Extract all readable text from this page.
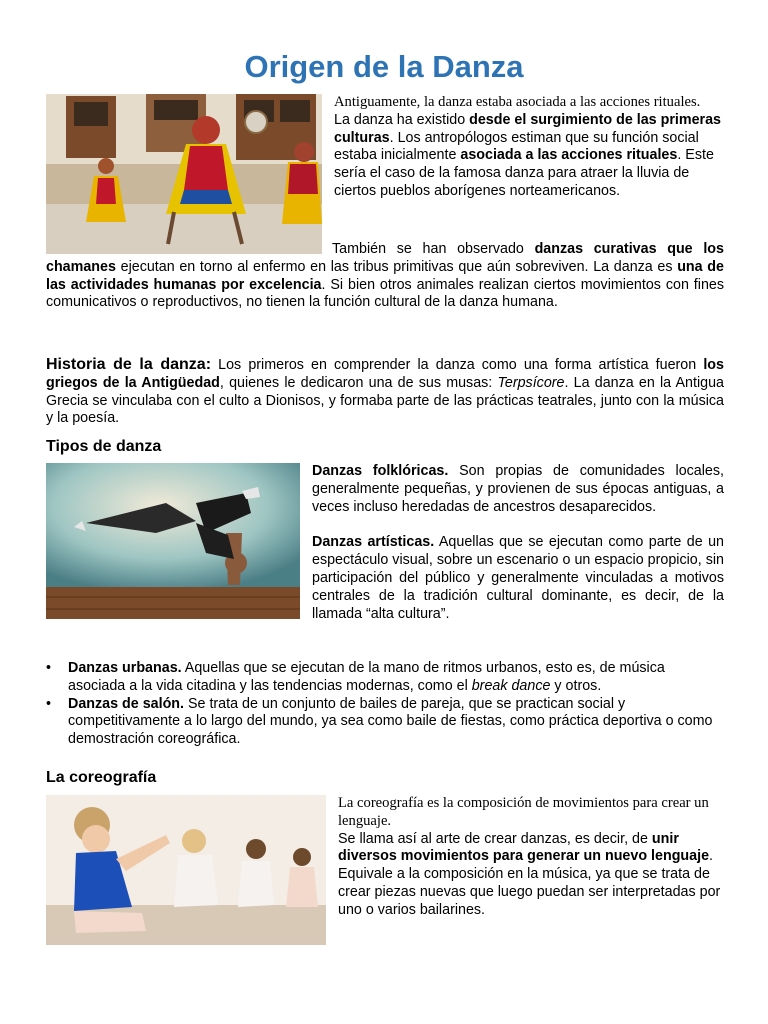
Origen de la Danza

Antiguamente, la danza estaba asociada a las acciones rituales.

La danza ha existido desde el surgimiento de las primeras culturas. Los antropólogos estiman que su función social estaba inicialmente asociada a las acciones rituales. Este sería el caso de la famosa danza para atraer la lluvia de ciertos pueblos aborígenes norteamericanos.

También se han observado danzas curativas que los chamanes ejecutan en torno al enfermo en las tribus primitivas que aún sobreviven. La danza es una de las actividades humanas por excelencia. Si bien otros animales realizan ciertos movimientos con fines comunicativos o reproductivos, no tienen la función cultural de la danza humana.

Historia de la danza: Los primeros en comprender la danza como una forma artística fueron los griegos de la Antigüedad, quienes le dedicaron una de sus musas: Terpsícore. La danza en la Antigua Grecia se vinculaba con el culto a Dionisos, y formaba parte de las prácticas teatrales, junto con la música y la poesía.

Tipos de danza

Danzas folklóricas. Son propias de comunidades locales, generalmente pequeñas, y provienen de sus épocas antiguas, a veces incluso heredadas de ancestros desaparecidos.

Danzas artísticas. Aquellas que se ejecutan como parte de un espectáculo visual, sobre un escenario o un espacio propicio, sin participación del público y generalmente vinculadas a motivos centrales de la tradición cultural dominante, es decir, de la llamada “alta cultura”.

• Danzas urbanas. Aquellas que se ejecutan de la mano de ritmos urbanos, esto es, de música asociada a la vida citadina y las tendencias modernas, como el break dance y otros.
• Danzas de salón. Se trata de un conjunto de bailes de pareja, que se practican social y competitivamente a lo largo del mundo, ya sea como baile de fiestas, como práctica deportiva o como demostración coreográfica.
La coreografía

La coreografía es la composición de movimientos para crear un lenguaje.

Se llama así al arte de crear danzas, es decir, de unir diversos movimientos para generar un nuevo lenguaje. Equivale a la composición en la música, ya que se trata de crear piezas nuevas que luego puedan ser interpretadas por uno o varios bailarines.
